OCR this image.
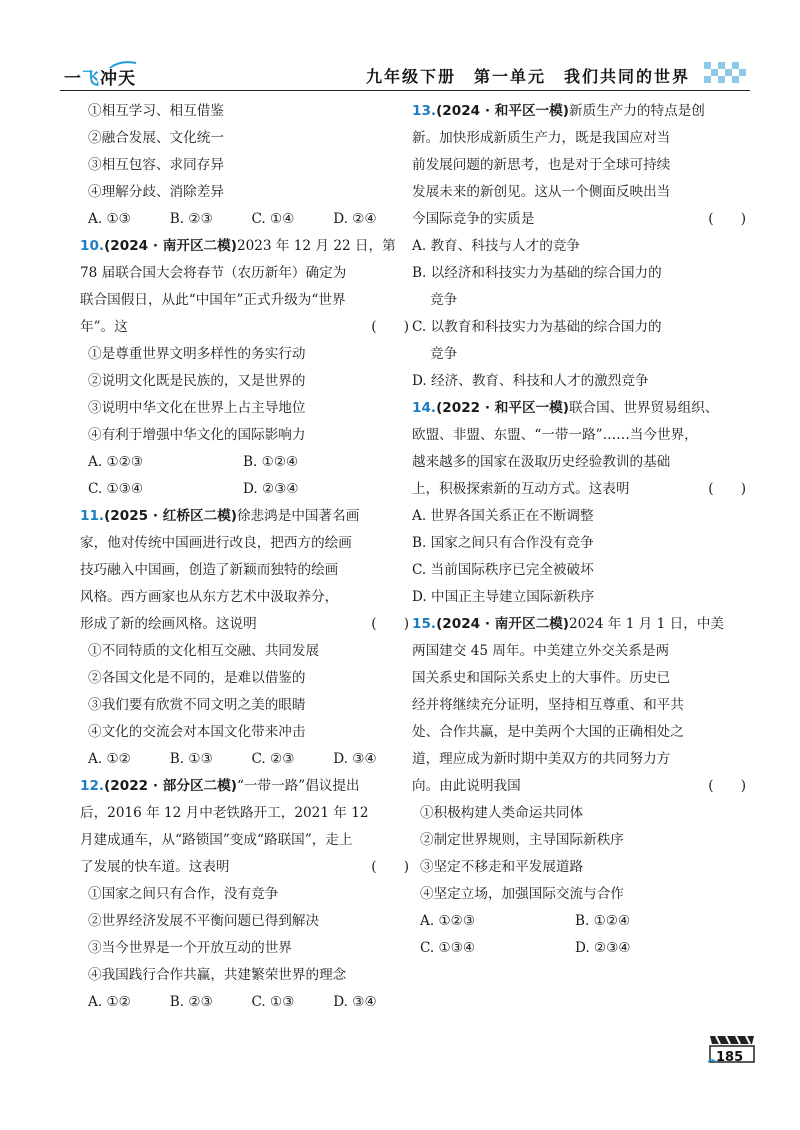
一飞冲天	九年级下册　第一单元　我们共同的世界
①相互学习、相互借鉴
②融合发展、文化统一
③相互包容、求同存异
④理解分歧、消除差异
A. ①③	B. ②③	C. ①④	D. ②④
10.(2024 · 南开区二模)2023 年 12 月 22 日，第
78 届联合国大会将春节（农历新年）确定为
联合国假日，从此“中国年”正式升级为“世界
年”。这	(　　)
①是尊重世界文明多样性的务实行动
②说明文化既是民族的，又是世界的
③说明中华文化在世界上占主导地位
④有利于增强中华文化的国际影响力
A. ①②③	B. ①②④
C. ①③④	D. ②③④
11.(2025 · 红桥区二模)徐悲鸿是中国著名画
家，他对传统中国画进行改良，把西方的绘画
技巧融入中国画，创造了新颖而独特的绘画
风格。西方画家也从东方艺术中汲取养分，
形成了新的绘画风格。这说明	(　　)
①不同特质的文化相互交融、共同发展
②各国文化是不同的，是难以借鉴的
③我们要有欣赏不同文明之美的眼睛
④文化的交流会对本国文化带来冲击
A. ①②	B. ①③	C. ②③	D. ③④
12.(2022 · 部分区二模)“一带一路”倡议提出
后，2016 年 12 月中老铁路开工，2021 年 12
月建成通车，从“路锁国”变成“路联国”，走上
了发展的快车道。这表明	(　　)
①国家之间只有合作，没有竞争
②世界经济发展不平衡问题已得到解决
③当今世界是一个开放互动的世界
④我国践行合作共赢，共建繁荣世界的理念
A. ①②	B. ②③	C. ①③	D. ③④
13.(2024 · 和平区一模)新质生产力的特点是创
新。加快形成新质生产力，既是我国应对当
前发展问题的新思考，也是对于全球可持续
发展未来的新创见。这从一个侧面反映出当
今国际竞争的实质是	(　　)
A. 教育、科技与人才的竞争
B. 以经济和科技实力为基础的综合国力的
竞争
C. 以教育和科技实力为基础的综合国力的
竞争
D. 经济、教育、科技和人才的激烈竞争
14.(2022 · 和平区一模)联合国、世界贸易组织、
欧盟、非盟、东盟、“一带一路”……当今世界，
越来越多的国家在汲取历史经验教训的基础
上，积极探索新的互动方式。这表明	(　　)
A. 世界各国关系正在不断调整
B. 国家之间只有合作没有竞争
C. 当前国际秩序已完全被破坏
D. 中国正主导建立国际新秩序
15.(2024 · 南开区二模)2024 年 1 月 1 日，中美
两国建交 45 周年。中美建立外交关系是两
国关系史和国际关系史上的大事件。历史已
经并将继续充分证明，坚持相互尊重、和平共
处、合作共赢，是中美两个大国的正确相处之
道，理应成为新时期中美双方的共同努力方
向。由此说明我国	(　　)
①积极构建人类命运共同体
②制定世界规则，主导国际新秩序
③坚定不移走和平发展道路
④坚定立场，加强国际交流与合作
A. ①②③	B. ①②④
C. ①③④	D. ②③④
185
